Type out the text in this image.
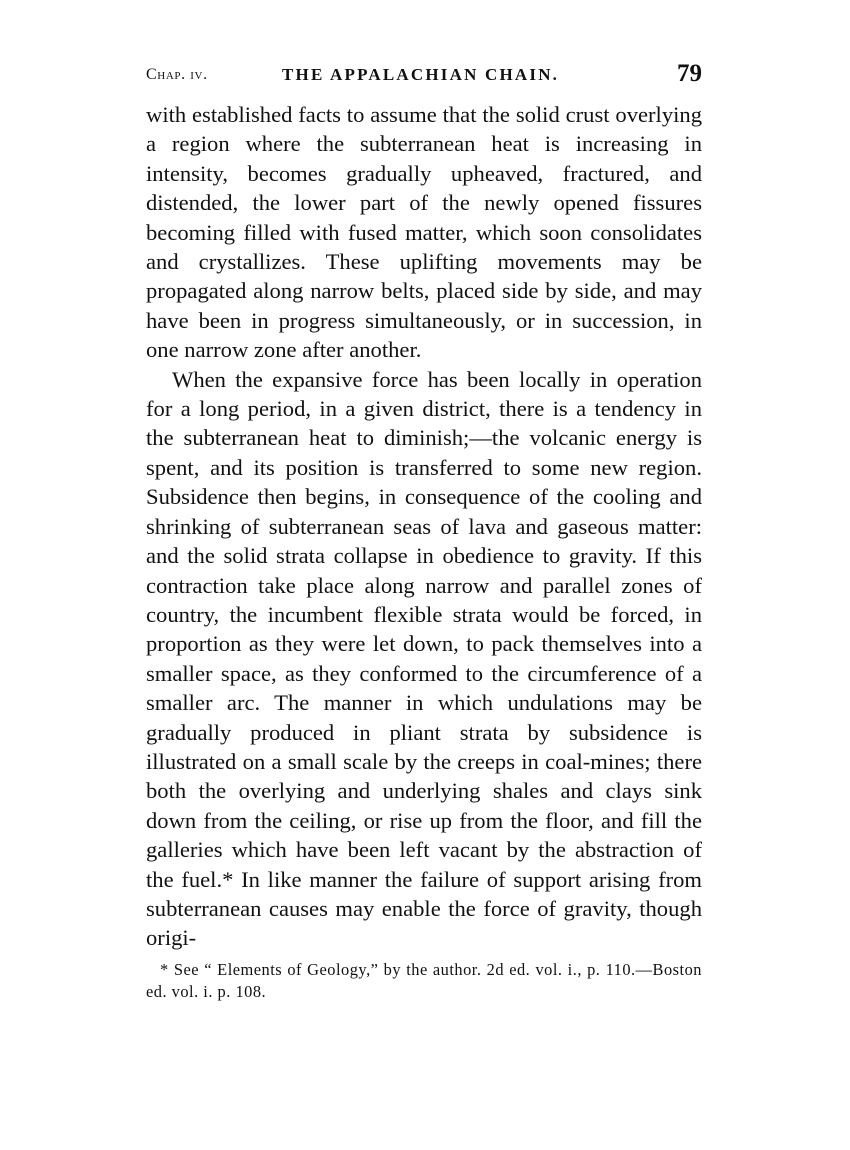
Chap. iv.	THE APPALACHIAN CHAIN.	79

with established facts to assume that the solid crust overlying a region where the subterranean heat is increasing in intensity, becomes gradually upheaved, fractured, and distended, the lower part of the newly opened fissures becoming filled with fused matter, which soon consolidates and crystallizes. These uplifting movements may be propagated along narrow belts, placed side by side, and may have been in progress simultaneously, or in succession, in one narrow zone after another.

When the expansive force has been locally in operation for a long period, in a given district, there is a tendency in the subterranean heat to diminish;—the volcanic energy is spent, and its position is transferred to some new region. Subsidence then begins, in consequence of the cooling and shrinking of subterranean seas of lava and gaseous matter: and the solid strata collapse in obedience to gravity. If this contraction take place along narrow and parallel zones of country, the incumbent flexible strata would be forced, in proportion as they were let down, to pack themselves into a smaller space, as they conformed to the circumference of a smaller arc. The manner in which undulations may be gradually produced in pliant strata by subsidence is illustrated on a small scale by the creeps in coal-mines; there both the overlying and underlying shales and clays sink down from the ceiling, or rise up from the floor, and fill the galleries which have been left vacant by the abstraction of the fuel.* In like manner the failure of support arising from subterranean causes may enable the force of gravity, though origi-

* See “ Elements of Geology,” by the author. 2d ed. vol. i., p. 110.—Boston ed. vol. i. p. 108.
